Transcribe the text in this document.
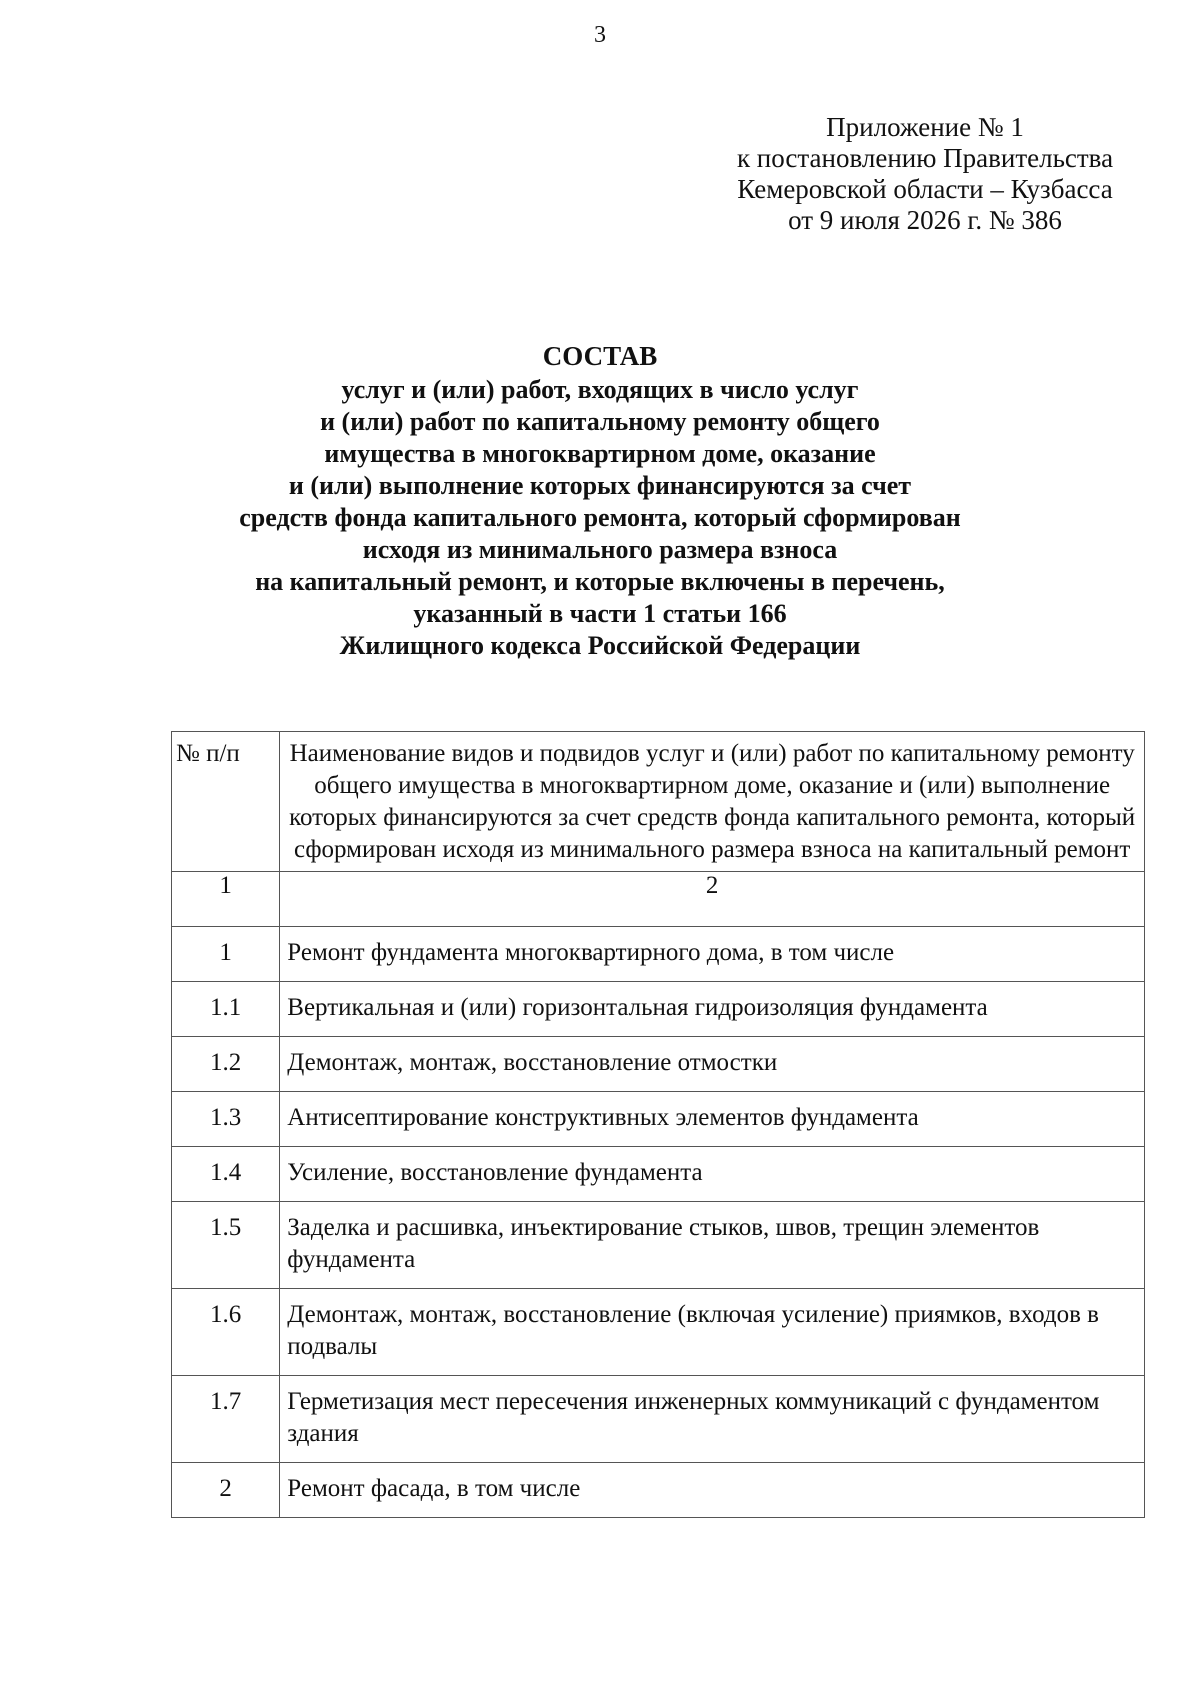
3
Приложение № 1
к постановлению Правительства
Кемеровской области – Кузбасса
от 9 июля 2026 г. № 386
СОСТАВ
услуг и (или) работ, входящих в число услуг
и (или) работ по капитальному ремонту общего
имущества в многоквартирном доме, оказание
и (или) выполнение которых финансируются за счет
средств фонда капитального ремонта, который сформирован
исходя из минимального размера взноса
на капитальный ремонт, и которые включены в перечень,
указанный в части 1 статьи 166
Жилищного кодекса Российской Федерации
№ п/п	Наименование видов и подвидов услуг и (или) работ по капитальному ремонту общего имущества в многоквартирном доме, оказание и (или) выполнение которых финансируются за счет средств фонда капитального ремонта, который сформирован исходя из минимального размера взноса на капитальный ремонт
1	2
1	Ремонт фундамента многоквартирного дома, в том числе
1.1	Вертикальная и (или) горизонтальная гидроизоляция фундамента
1.2	Демонтаж, монтаж, восстановление отмостки
1.3	Антисептирование конструктивных элементов фундамента
1.4	Усиление, восстановление фундамента
1.5	Заделка и расшивка, инъектирование стыков, швов, трещин элементов фундамента
1.6	Демонтаж, монтаж, восстановление (включая усиление) приямков, входов в подвалы
1.7	Герметизация мест пересечения инженерных коммуникаций с фундаментом здания
2	Ремонт фасада, в том числе
